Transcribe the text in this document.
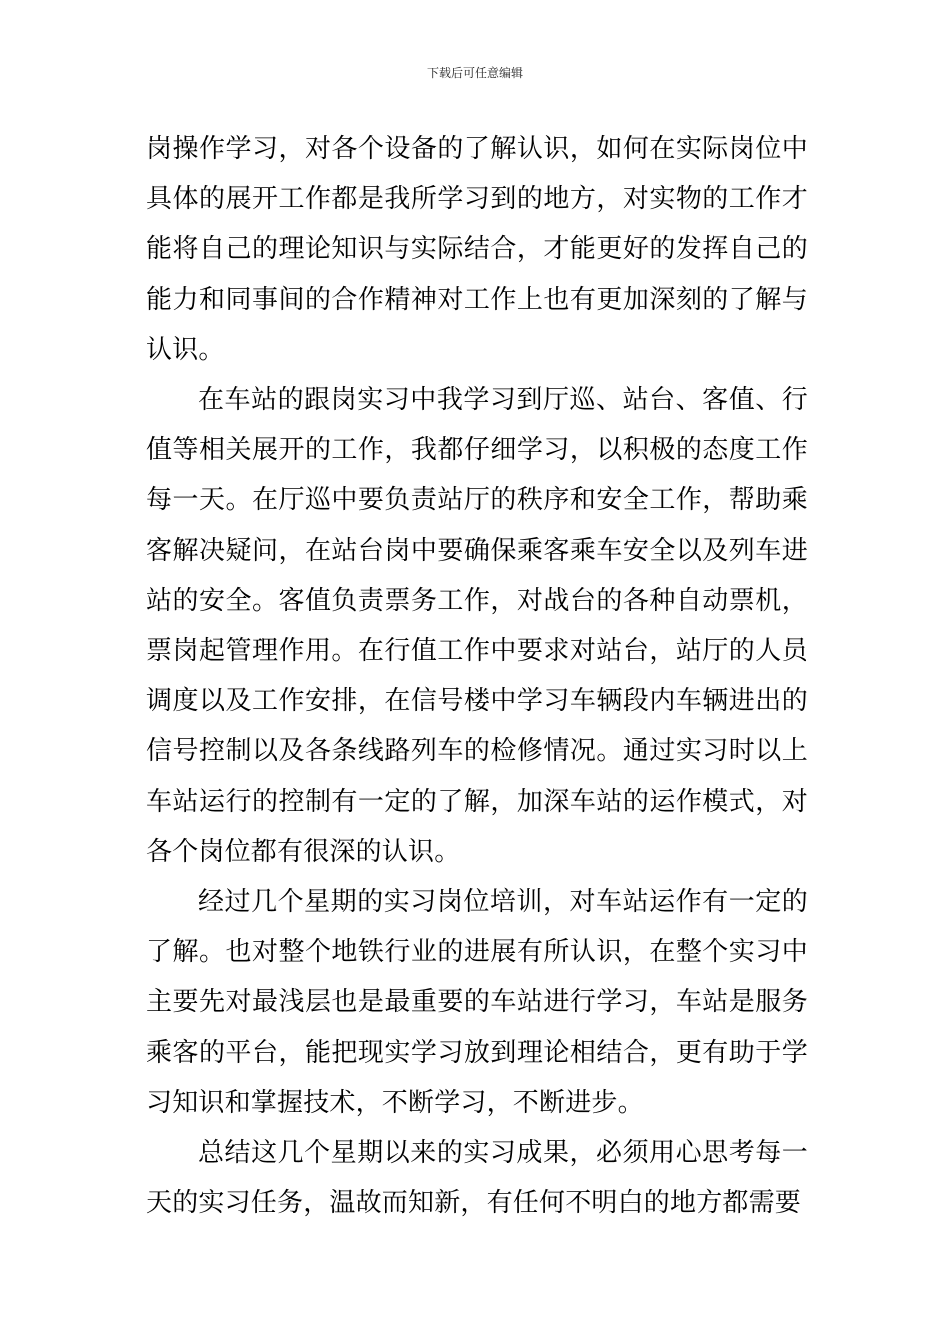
下载后可任意编辑

岗操作学习，对各个设备的了解认识，如何在实际岗位中具体的展开工作都是我所学习到的地方，对实物的工作才能将自己的理论知识与实际结合，才能更好的发挥自己的能力和同事间的合作精神对工作上也有更加深刻的了解与认识。

在车站的跟岗实习中我学习到厅巡、站台、客值、行值等相关展开的工作，我都仔细学习，以积极的态度工作每一天。在厅巡中要负责站厅的秩序和安全工作，帮助乘客解决疑问，在站台岗中要确保乘客乘车安全以及列车进站的安全。客值负责票务工作，对战台的各种自动票机，票岗起管理作用。在行值工作中要求对站台，站厅的人员调度以及工作安排，在信号楼中学习车辆段内车辆进出的信号控制以及各条线路列车的检修情况。通过实习时以上车站运行的控制有一定的了解，加深车站的运作模式，对各个岗位都有很深的认识。

经过几个星期的实习岗位培训，对车站运作有一定的了解。也对整个地铁行业的进展有所认识，在整个实习中主要先对最浅层也是最重要的车站进行学习，车站是服务乘客的平台，能把现实学习放到理论相结合，更有助于学习知识和掌握技术，不断学习，不断进步。

总结这几个星期以来的实习成果，必须用心思考每一天的实习任务，温故而知新，有任何不明白的地方都需要
